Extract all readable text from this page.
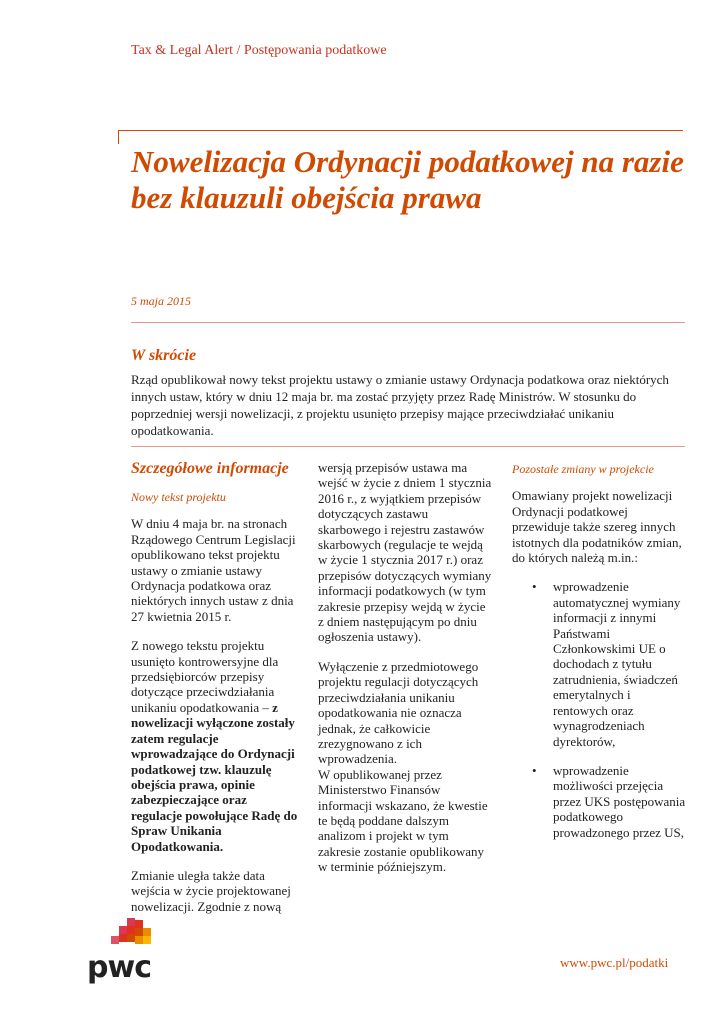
Tax & Legal Alert / Postępowania podatkowe
Nowelizacja Ordynacji podatkowej na razie bez klauzuli obejścia prawa
5 maja 2015
W skrócie

Rząd opublikował nowy tekst projektu ustawy o zmianie ustawy Ordynacja podatkowa oraz niektórych innych ustaw, który w dniu 12 maja br. ma zostać przyjęty przez Radę Ministrów. W stosunku do poprzedniej wersji nowelizacji, z projektu usunięto przepisy mające przeciwdziałać unikaniu opodatkowania.

Szczegółowe informacje

Nowy tekst projektu

W dniu 4 maja br. na stronach Rządowego Centrum Legislacji opublikowano tekst projektu ustawy o zmianie ustawy Ordynacja podatkowa oraz niektórych innych ustaw z dnia 27 kwietnia 2015 r.

Z nowego tekstu projektu usunięto kontrowersyjne dla przedsiębiorców przepisy dotyczące przeciwdziałania unikaniu opodatkowania – z nowelizacji wyłączone zostały zatem regulacje wprowadzające do Ordynacji podatkowej tzw. klauzulę obejścia prawa, opinie zabezpieczające oraz regulacje powołujące Radę do Spraw Unikania Opodatkowania.

Zmianie uległa także data wejścia w życie projektowanej nowelizacji. Zgodnie z nową

wersją przepisów ustawa ma wejść w życie z dniem 1 stycznia 2016 r., z wyjątkiem przepisów dotyczących zastawu skarbowego i rejestru zastawów skarbowych (regulacje te wejdą w życie 1 stycznia 2017 r.) oraz przepisów dotyczących wymiany informacji podatkowych (w tym zakresie przepisy wejdą w życie z dniem następującym po dniu ogłoszenia ustawy).

Wyłączenie z przedmiotowego projektu regulacji dotyczących przeciwdziałania unikaniu opodatkowania nie oznacza jednak, że całkowicie zrezygnowano z ich wprowadzenia.

W opublikowanej przez Ministerstwo Finansów informacji wskazano, że kwestie te będą poddane dalszym analizom i projekt w tym zakresie zostanie opublikowany w terminie późniejszym.

Pozostałe zmiany w projekcie

Omawiany projekt nowelizacji Ordynacji podatkowej przewiduje także szereg innych istotnych dla podatników zmian, do których należą m.in.:

•	wprowadzenie automatycznej wymiany informacji z innymi Państwami Członkowskimi UE o dochodach z tytułu zatrudnienia, świadczeń emerytalnych i rentowych oraz wynagrodzeniach dyrektorów,
•	wprowadzenie możliwości przejęcia przez UKS postępowania podatkowego prowadzonego przez US,
pwc	www.pwc.pl/podatki
